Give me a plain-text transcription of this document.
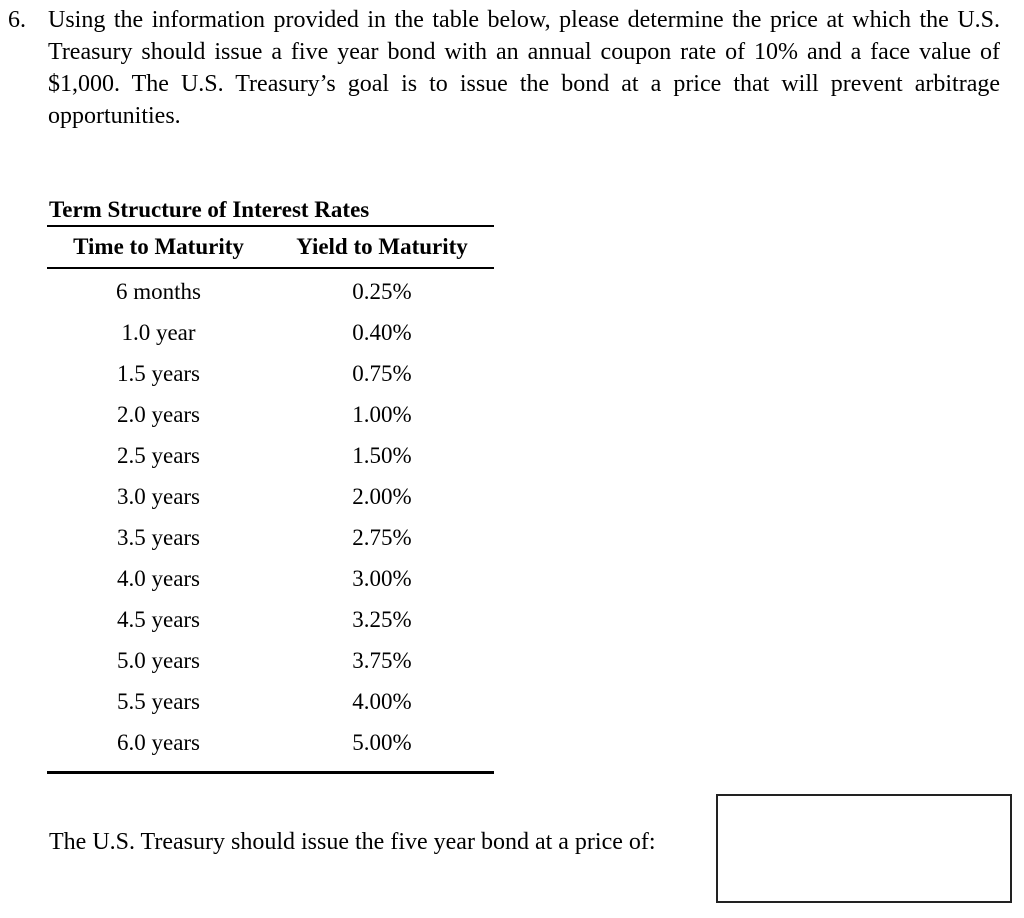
6. Using the information provided in the table below, please determine the price at which the U.S. Treasury should issue a five year bond with an annual coupon rate of 10% and a face value of $1,000. The U.S. Treasury’s goal is to issue the bond at a price that will prevent arbitrage opportunities.
Term Structure of Interest Rates
Time to Maturity	Yield to Maturity
6 months	0.25%
1.0 year	0.40%
1.5 years	0.75%
2.0 years	1.00%
2.5 years	1.50%
3.0 years	2.00%
3.5 years	2.75%
4.0 years	3.00%
4.5 years	3.25%
5.0 years	3.75%
5.5 years	4.00%
6.0 years	5.00%
The U.S. Treasury should issue the five year bond at a price of:
